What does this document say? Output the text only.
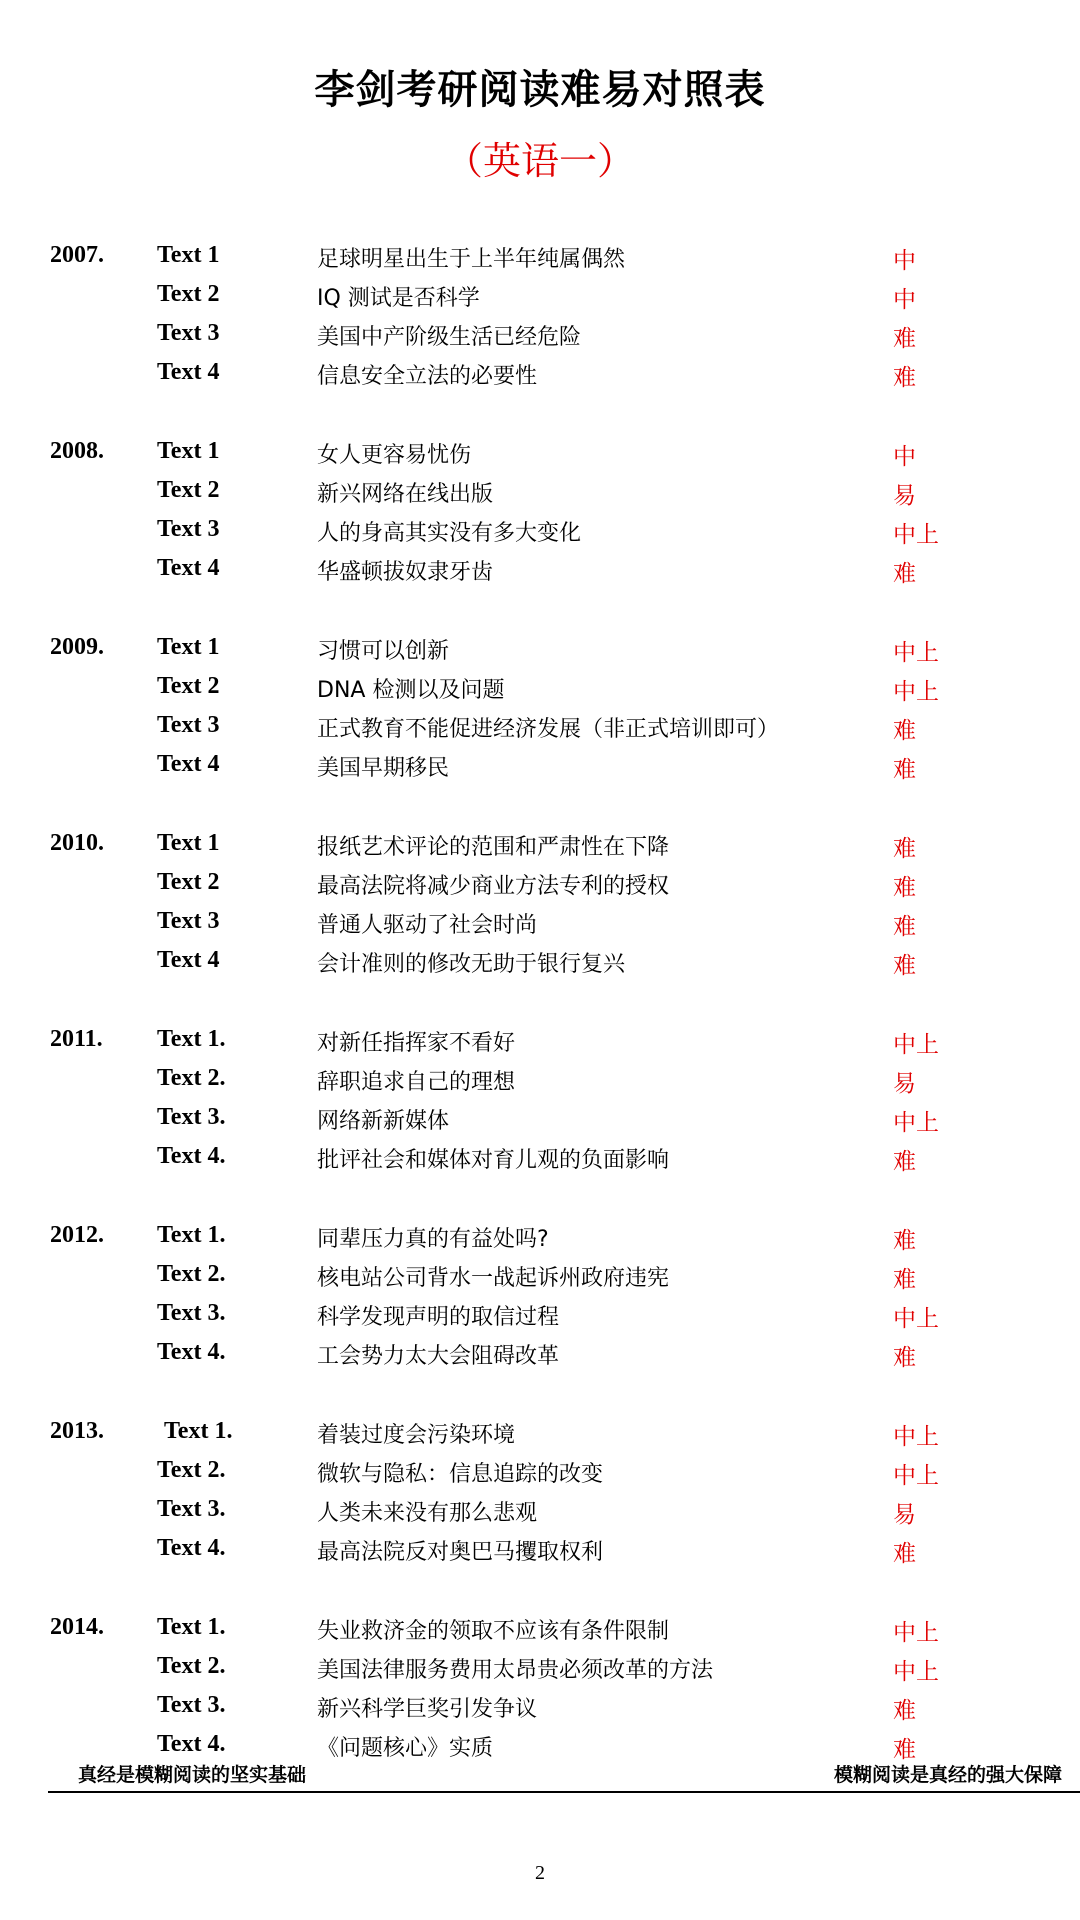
李剑考研阅读难易对照表
（英语一）
2007. Text 1	足球明星出生于上半年纯属偶然	中
Text 2	IQ 测试是否科学	中
Text 3	美国中产阶级生活已经危险	难
Text 4	信息安全立法的必要性	难
2008. Text 1	女人更容易忧伤	中
Text 2	新兴网络在线出版	易
Text 3	人的身高其实没有多大变化	中上
Text 4	华盛顿拔奴隶牙齿	难
2009. Text 1	习惯可以创新	中上
Text 2	DNA 检测以及问题	中上
Text 3	正式教育不能促进经济发展（非正式培训即可）	难
Text 4	美国早期移民	难
2010. Text 1	报纸艺术评论的范围和严肃性在下降	难
Text 2	最高法院将减少商业方法专利的授权	难
Text 3	普通人驱动了社会时尚	难
Text 4	会计准则的修改无助于银行复兴	难
2011. Text 1.	对新任指挥家不看好	中上
Text 2.	辞职追求自己的理想	易
Text 3.	网络新新媒体	中上
Text 4.	批评社会和媒体对育儿观的负面影响	难
2012. Text 1.	同辈压力真的有益处吗?	难
Text 2.	核电站公司背水一战起诉州政府违宪	难
Text 3.	科学发现声明的取信过程	中上
Text 4.	工会势力太大会阻碍改革	难
2013.	Text 1.	着装过度会污染环境	中上
Text 2.	微软与隐私：信息追踪的改变	中上
Text 3.	人类未来没有那么悲观	易
Text 4.	最高法院反对奥巴马攫取权利	难
2014. Text 1.	失业救济金的领取不应该有条件限制	中上
Text 2.	美国法律服务费用太昂贵必须改革的方法	中上
Text 3.	新兴科学巨奖引发争议	难
Text 4.	《问题核心》实质	难
真经是模糊阅读的坚实基础	模糊阅读是真经的强大保障
2
